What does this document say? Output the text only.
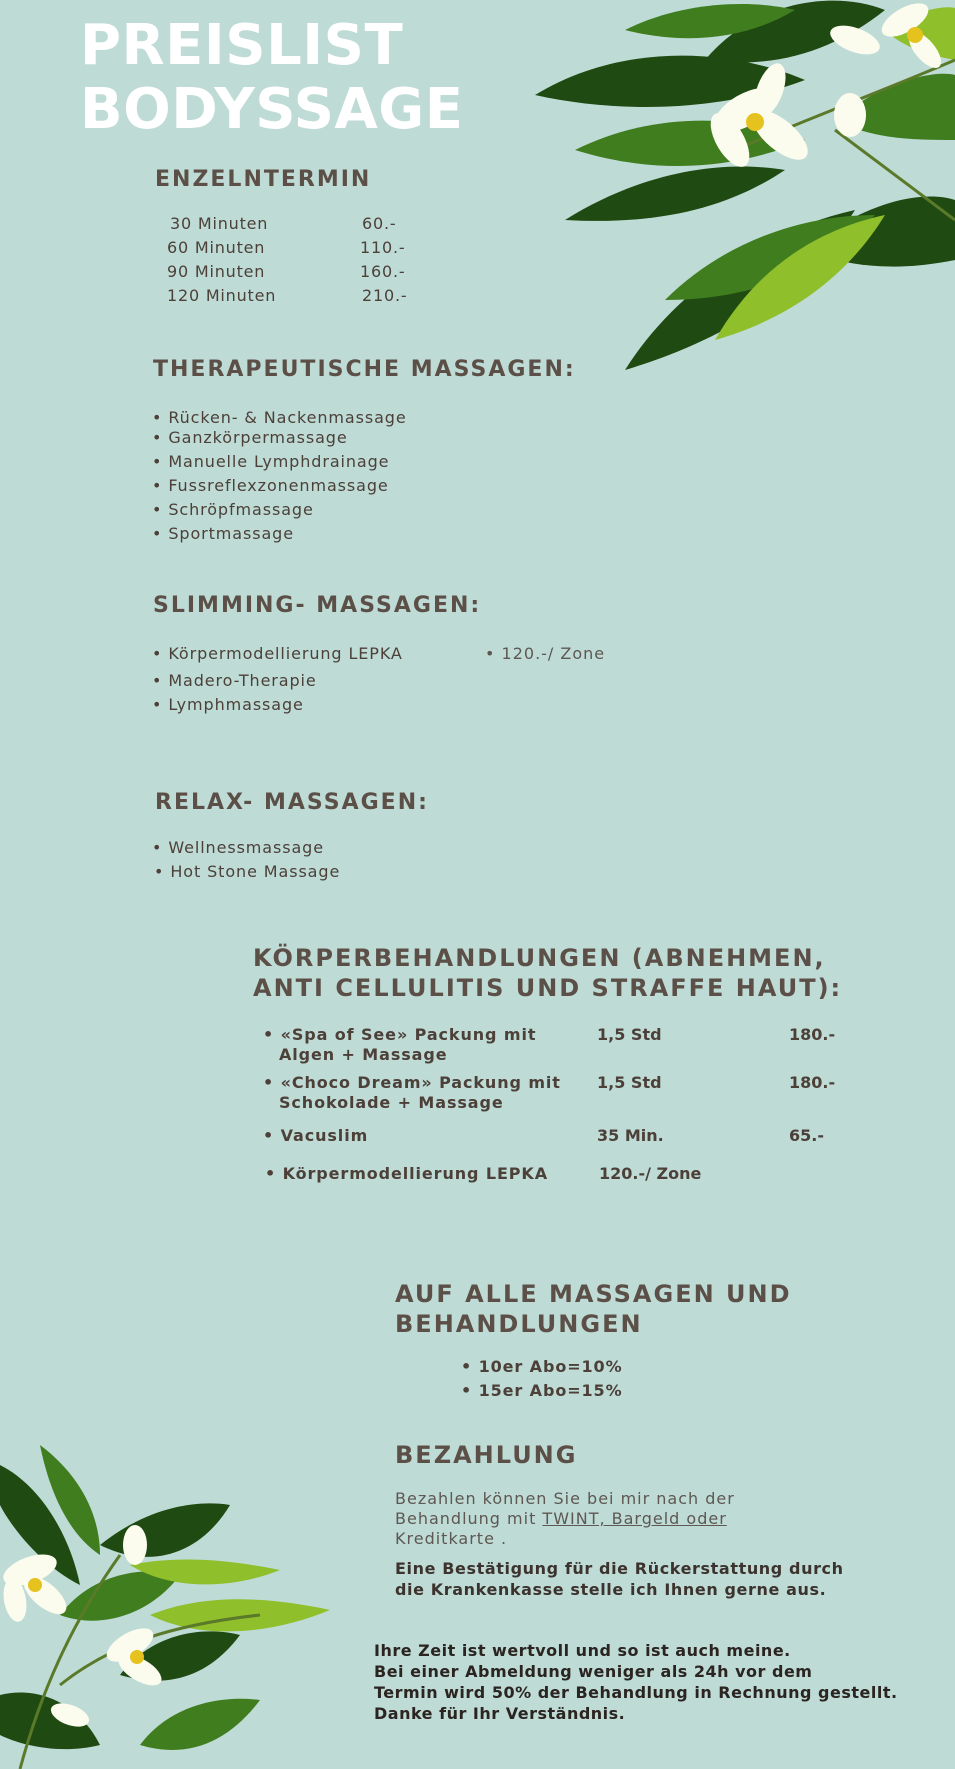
PREISLIST
BODYSSAGE
ENZELNTERMIN
30 Minuten	60.-
60 Minuten	110.-
90 Minuten	160.-
120 Minuten	210.-
THERAPEUTISCHE MASSAGEN:
• Rücken- & Nackenmassage
• Ganzkörpermassage
• Manuelle Lymphdrainage
• Fussreflexzonenmassage
• Schröpfmassage
• Sportmassage
SLIMMING- MASSAGEN:
• Körpermodellierung LEPKA	• 120.-/ Zone
• Madero-Therapie
• Lymphmassage
RELAX- MASSAGEN:
• Wellnessmassage
• Hot Stone Massage
KÖRPERBEHANDLUNGEN (ABNEHMEN,
ANTI CELLULITIS UND STRAFFE HAUT):
• «Spa of See» Packung mit
Algen + Massage
1,5 Std	180.-
• «Choco Dream» Packung mit
Schokolade + Massage
1,5 Std	180.-
• Vacuslim	35 Min.	65.-
• Körpermodellierung LEPKA	120.-/ Zone
AUF ALLE MASSAGEN UND
BEHANDLUNGEN
• 10er Abo=10%
• 15er Abo=15%
BEZAHLUNG
Bezahlen können Sie bei mir nach der
Behandlung mit TWINT, Bargeld oder
Kreditkarte .
Eine Bestätigung für die Rückerstattung durch
die Krankenkasse stelle ich Ihnen gerne aus.
Ihre Zeit ist wertvoll und so ist auch meine.
Bei einer Abmeldung weniger als 24h vor dem
Termin wird 50% der Behandlung in Rechnung gestellt.
Danke für Ihr Verständnis.
